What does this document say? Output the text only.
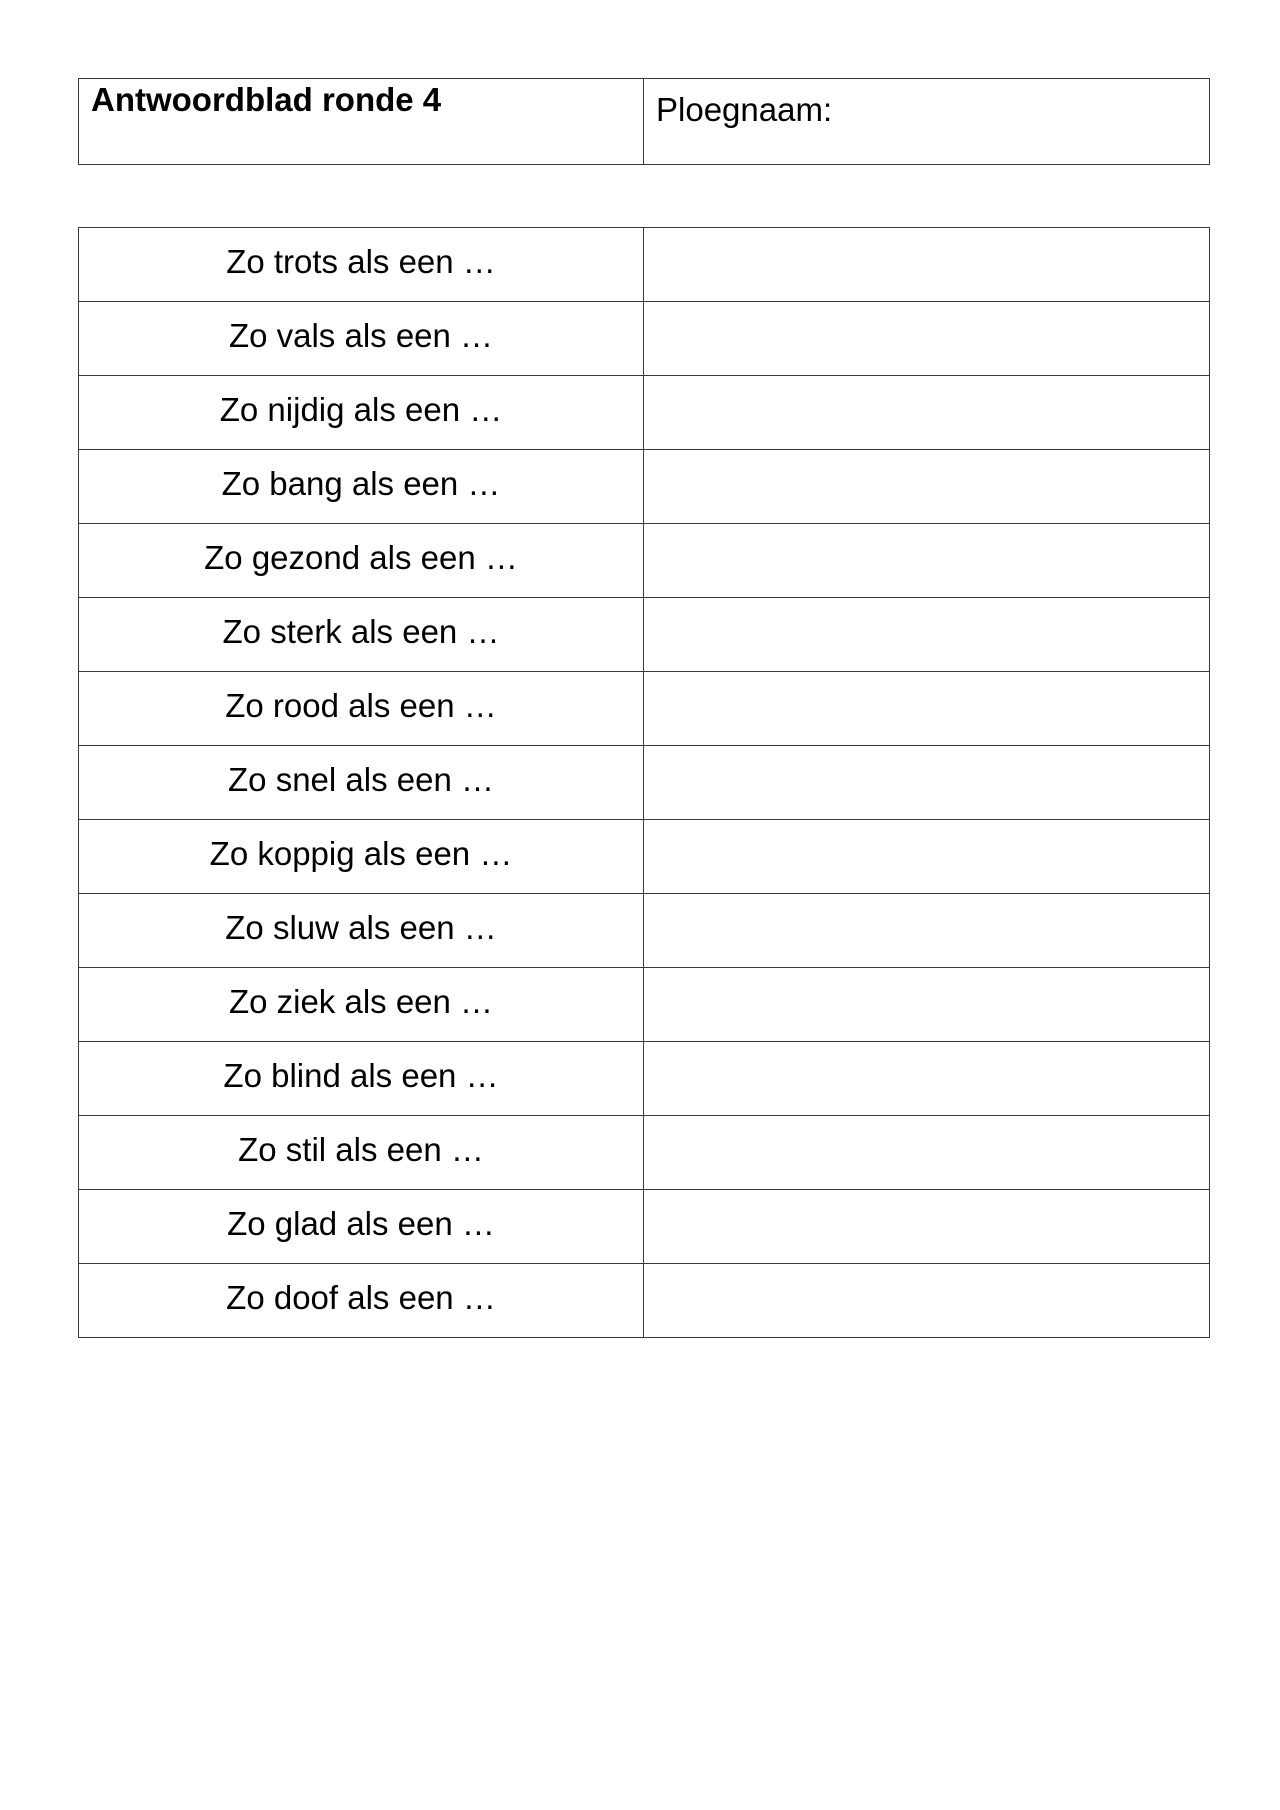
Antwoordblad ronde 4	Ploegnaam:
Zo trots als een …	
Zo vals als een …	
Zo nijdig als een …	
Zo bang als een …	
Zo gezond als een …	
Zo sterk als een …	
Zo rood als een …	
Zo snel als een …	
Zo koppig als een …	
Zo sluw als een …	
Zo ziek als een …	
Zo blind als een …	
Zo stil als een …	
Zo glad als een …	
Zo doof als een …	
